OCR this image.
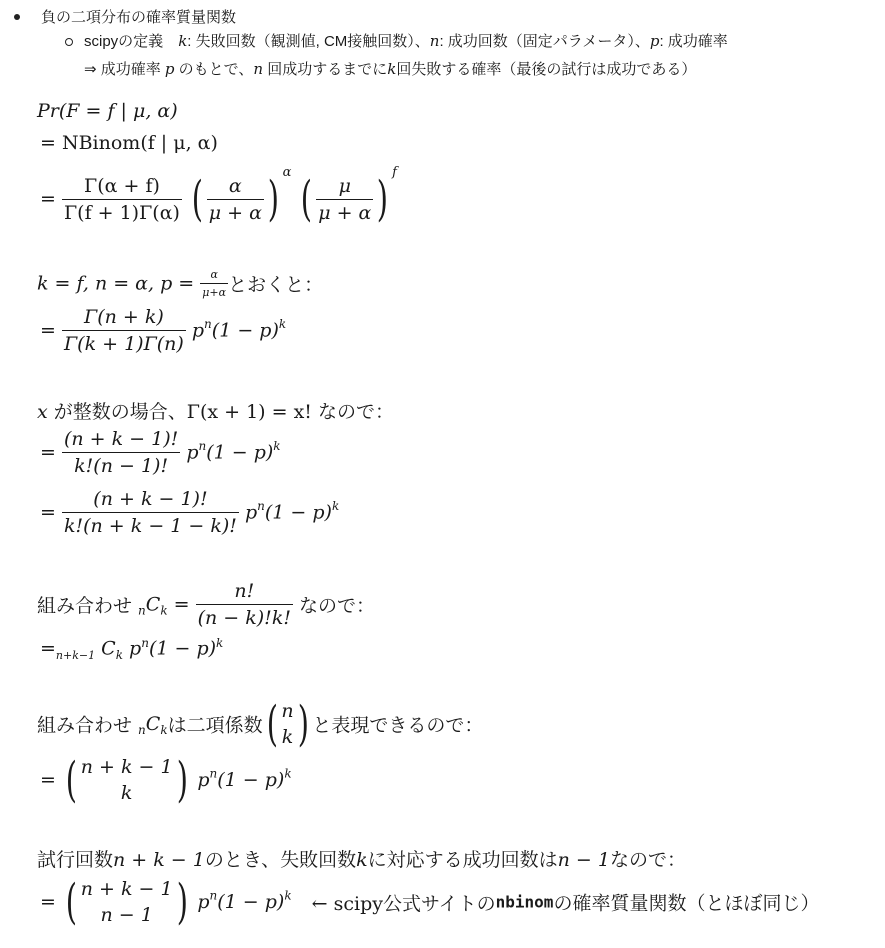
負の二項分布の確率質量関数
scipyの定義　k: 失敗回数（観測値, CM接触回数）、n: 成功回数（固定パラメータ）、p: 成功確率
⇒ 成功確率 p のもとで、n 回成功するまでにk回失敗する確率（最後の試行は成功である）
Pr(F = f | μ, α)
= NBinom(f | μ, α)
= $\frac{\Gamma(\alpha + f)}{\Gamma(f + 1)\Gamma(\alpha)}$ ( $\frac{\alpha}{\mu + \alpha}$ ) $^\alpha$ ( $\frac{\mu}{\mu + \alpha}$ ) $^f$
k = f, n = α, $p = \frac{\alpha}{\mu+\alpha}$ とおくと：
= $\frac{\Gamma(n + k)}{\Gamma(k + 1)\Gamma(n)} p^n(1 - p)^k$
x が整数の場合、Γ(x + 1) = x! なので：
= $\frac{(n + k - 1)!}{k!(n - 1)!} p^n(1 - p)^k$
= $\frac{(n + k - 1)!}{k!(n + k - 1 - k)!} p^n(1 - p)^k$
組み合わせ $_nC_k = \frac{n!}{(n - k)!k!}$ なので：
$=_{n+k-1}$ $C_k$ $p^n(1 - p)^k$
組み合わせ $_nC_k$は二項係数( n
k ) と表現できるので：
= ( n + k − 1
k ) $p^n(1 - p)^k$
試行回数n + k − 1のとき、失敗回数kに対応する成功回数はn − 1なので：
= ( n + k − 1
n − 1 ) $p^n(1 - p)^k$ ← scipy公式サイトのnbinomの確率質量関数（とほぼ同じ）
